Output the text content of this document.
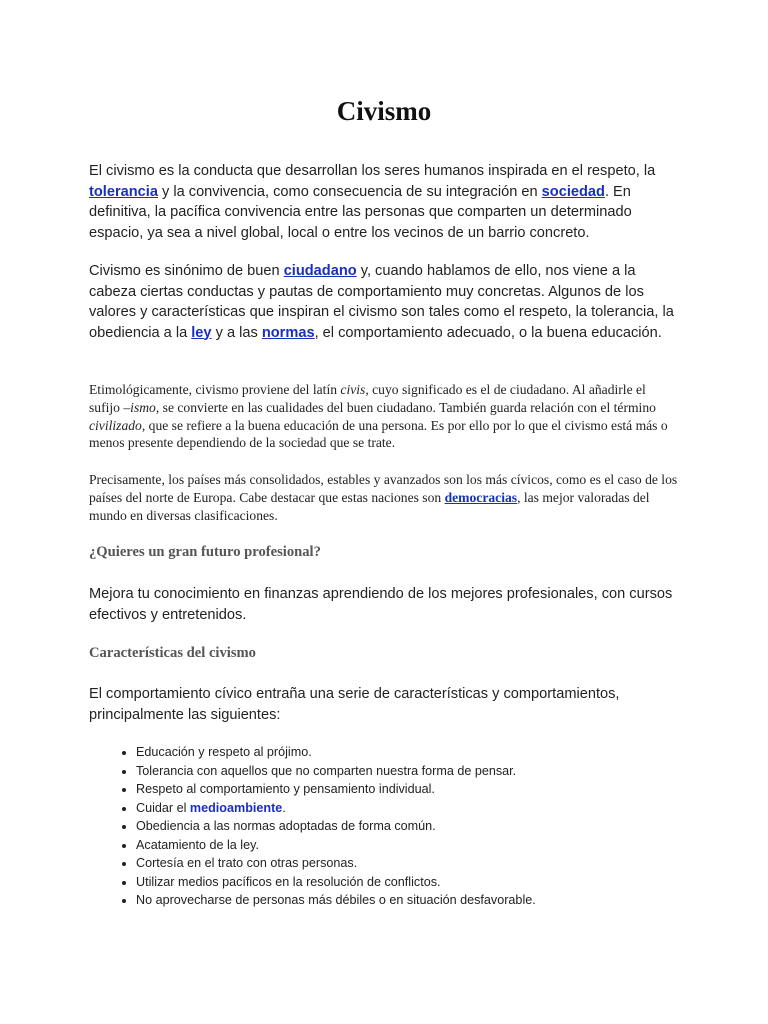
Civismo

El civismo es la conducta que desarrollan los seres humanos inspirada en el respeto, la tolerancia y la convivencia, como consecuencia de su integración en sociedad. En definitiva, la pacífica convivencia entre las personas que comparten un determinado espacio, ya sea a nivel global, local o entre los vecinos de un barrio concreto.

Civismo es sinónimo de buen ciudadano y, cuando hablamos de ello, nos viene a la cabeza ciertas conductas y pautas de comportamiento muy concretas. Algunos de los valores y características que inspiran el civismo son tales como el respeto, la tolerancia, la obediencia a la ley y a las normas, el comportamiento adecuado, o la buena educación.

Etimológicamente, civismo proviene del latín civis, cuyo significado es el de ciudadano. Al añadirle el sufijo –ismo, se convierte en las cualidades del buen ciudadano. También guarda relación con el término civilizado, que se refiere a la buena educación de una persona. Es por ello por lo que el civismo está más o menos presente dependiendo de la sociedad que se trate.

Precisamente, los países más consolidados, estables y avanzados son los más cívicos, como es el caso de los países del norte de Europa. Cabe destacar que estas naciones son democracias, las mejor valoradas del mundo en diversas clasificaciones.

¿Quieres un gran futuro profesional?

Mejora tu conocimiento en finanzas aprendiendo de los mejores profesionales, con cursos efectivos y entretenidos.

Características del civismo

El comportamiento cívico entraña una serie de características y comportamientos, principalmente las siguientes:

• Educación y respeto al prójimo.
• Tolerancia con aquellos que no comparten nuestra forma de pensar.
• Respeto al comportamiento y pensamiento individual.
• Cuidar el medioambiente.
• Obediencia a las normas adoptadas de forma común.
• Acatamiento de la ley.
• Cortesía en el trato con otras personas.
• Utilizar medios pacíficos en la resolución de conflictos.
• No aprovecharse de personas más débiles o en situación desfavorable.
